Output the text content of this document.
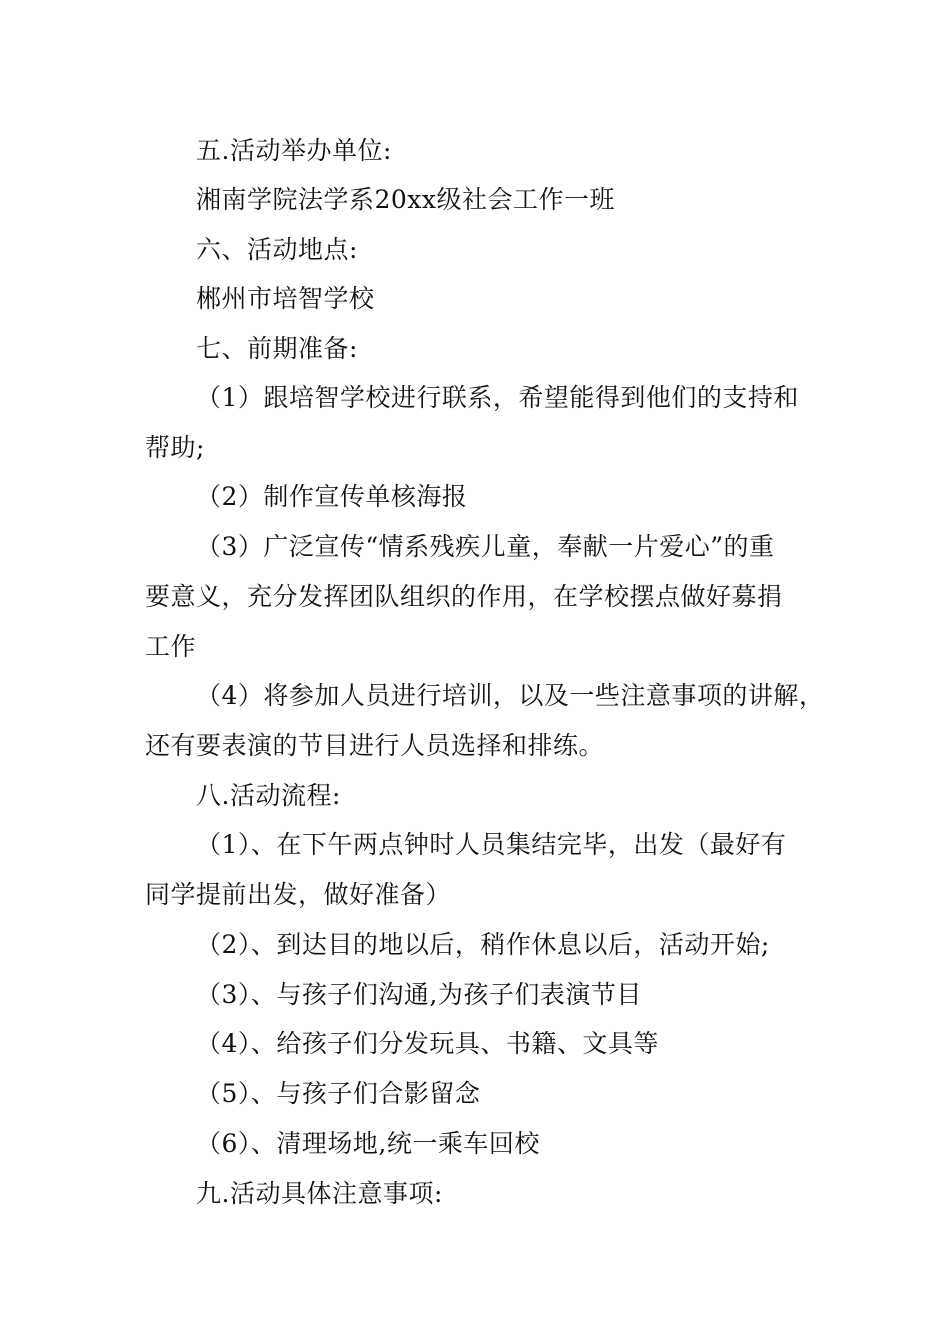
五.活动举办单位:
湘南学院法学系20xx级社会工作一班
六、活动地点:
郴州市培智学校
七、前期准备:
（1）跟培智学校进行联系，希望能得到他们的支持和
帮助;
（2）制作宣传单核海报
（3）广泛宣传“情系残疾儿童，奉献一片爱心”的重
要意义，充分发挥团队组织的作用，在学校摆点做好募捐
工作
（4）将参加人员进行培训，以及一些注意事项的讲解，
还有要表演的节目进行人员选择和排练。
八.活动流程:
（1）、在下午两点钟时人员集结完毕，出发（最好有
同学提前出发，做好准备）
（2）、到达目的地以后，稍作休息以后，活动开始;
（3）、与孩子们沟通,为孩子们表演节目
（4）、给孩子们分发玩具、书籍、文具等
（5）、与孩子们合影留念
（6）、清理场地,统一乘车回校
九.活动具体注意事项:
